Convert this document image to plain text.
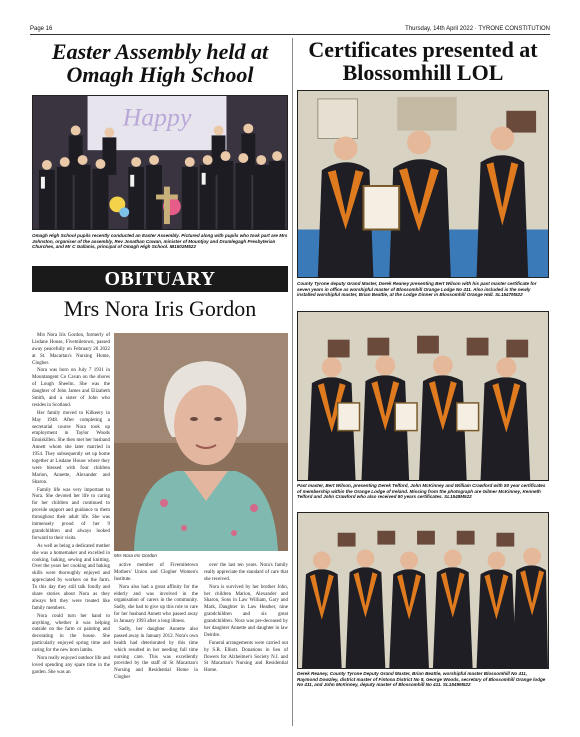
Page 16	Thursday, 14th April 2022 · TYRONE CONSTITUTION
Easter Assembly held at Omagh High School
Happy
Omagh High School pupils recently conducted an Easter Assembly. Pictured along with pupils who took part are Mrs Johnston, organiser of the assembly, Rev Jonathan Cowan, minister of Mountjoy and Drumlegagh Presbyterian Churches, and Mr C Gallanis, principal of Omagh High School. IB1502M522
OBITUARY
Mrs Nora Iris Gordon

Mrs Nora Iris Gordon, formerly of Lisdane House, Fivemiletown, passed away peacefully on February 26 2022 at St. Macartan's Nursing Home, Clogher.

Nora was born on July 7 1931 in Mountangent Co Cavan on the shores of Lough Sheelin. She was the daughter of John James and Elizabeth Smith, and a sister of John who resides in Scotland.

Her family moved to Kilkeery in May 1948. After completing a secretarial course Nora took up employment in Taylor Woods Enniskillen. She then met her husband Annett whom she later married in 1954. They subsequently set up home together at Lisdane House where they were blessed with four children Marion, Annette, Alexander and Sharon.

Family life was very important to Nora. She devoted her life to caring for her children and continued to provide support and guidance to them throughout their adult life. She was immensely proud of her 9 grandchildren and always looked forward to their visits.

As well as being a dedicated mother she was a homemaker and excelled in cooking, baking, sewing and knitting. Over the years her cooking and baking skills were thoroughly enjoyed and appreciated by workers on the farm. To this day they still talk fondly and share stories about Nora as they always felt they were treated like family members.

Nora could turn her hand to anything, whether it was helping outside on the farm or painting and decorating in the house. She particularly enjoyed spring time and caring for the new born lambs.

Nora really enjoyed outdoor life and loved spending any spare time in the garden. She was an

Mrs Nora Iris Gordon

active member of Fivemiletown Mothers' Union and Clogher Women's Institute.

Nora also had a great affinity for the elderly and was involved in the organisation of carers in the community. Sadly, she had to give up this role to care for her husband Annett who passed away in January 1993 after a long illness.

Sadly, her daughter Annette also passed away in January 2012. Nora's own health had deteriorated by this time which resulted in her needing full time nursing care. This was excellently provided by the staff of St Macartan's Nursing and Residential Home in Clogher

over the last ten years. Nora's family really appreciate the standard of care that she received.

Nora is survived by her brother John, her children Marion, Alexander and Sharon, Sons in Law William, Gary and Mark, Daughter in Law Heather, nine grandchildren and six great grandchildren. Nora was pre-deceased by her daughter Annette and daughter in law Deirdre.

Funeral arrangements were carried out by S.R. Elliott. Donations in lieu of flowers for Alzheimer's Society N.I. and St Macartan's Nursing and Residential Home.

Certificates presented at Blossomhill LOL
County Tyrone deputy Grand Master, Derek Reaney presenting Bert Wilson with his past master certificate for seven years in office as worshipful master of Blossomhill Orange Lodge No 411. Also included is the newly installed worshipful master, Brian Beattie, at the Lodge Dinner in Blossomhill Orange Hall. SL1547M522
Past master, Bert Wilson, presenting Derek Telford, John McKinney and William Crawford with 50 year certificates of membership within the Orange Lodge of Ireland. Missing from the photograph are Gilmer McKinney, Kenneth Telford and John Crawford who also received 50 years certificates. SL1548M522
Derek Reaney, County Tyrone Deputy Grand Master, Brian Beattie, worshipful master Blossomhill No 411, Raymond Dowzley, district master of Fintona District No 8, George Woods, secretary of Blossomhill Orange lodge No 411, and John McKinney, deputy master of Blossomhill No 411. SL1549M522
